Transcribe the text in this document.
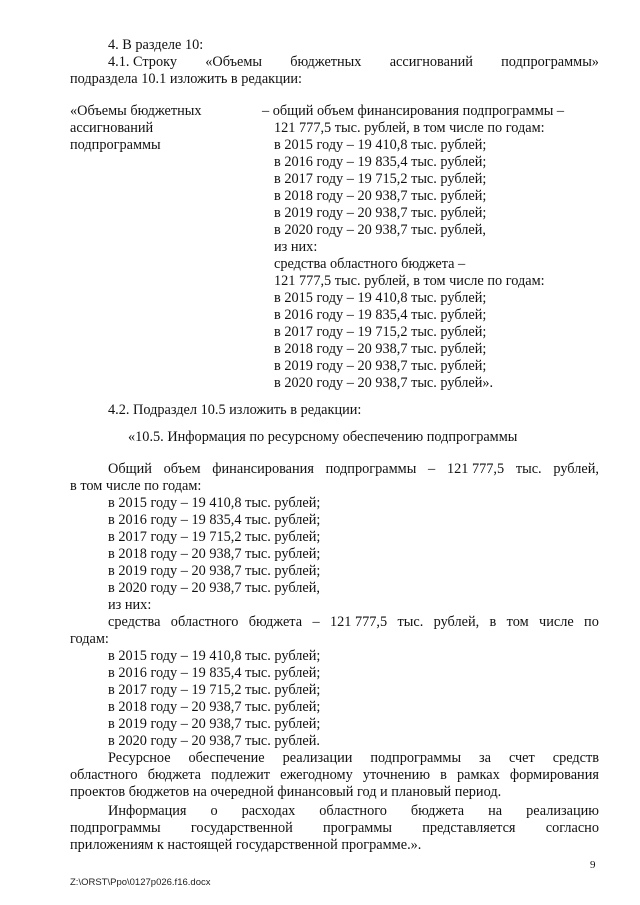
4. В разделе 10:
4.1. Строку «Объемы бюджетных ассигнований подпрограммы»
подраздела 10.1 изложить в редакции:
«Объемы бюджетных
ассигнований
подпрограммы
– общий объем финансирования подпрограммы –
121 777,5 тыс. рублей, в том числе по годам:
в 2015 году – 19 410,8 тыс. рублей;
в 2016 году – 19 835,4 тыс. рублей;
в 2017 году – 19 715,2 тыс. рублей;
в 2018 году – 20 938,7 тыс. рублей;
в 2019 году – 20 938,7 тыс. рублей;
в 2020 году – 20 938,7 тыс. рублей,
из них:
средства областного бюджета –
121 777,5 тыс. рублей, в том числе по годам:
в 2015 году – 19 410,8 тыс. рублей;
в 2016 году – 19 835,4 тыс. рублей;
в 2017 году – 19 715,2 тыс. рублей;
в 2018 году – 20 938,7 тыс. рублей;
в 2019 году – 20 938,7 тыс. рублей;
в 2020 году – 20 938,7 тыс. рублей».
4.2. Подраздел 10.5 изложить в редакции:
«10.5. Информация по ресурсному обеспечению подпрограммы
Общий объем финансирования подпрограммы – 121 777,5 тыс. рублей,
в том числе по годам:
в 2015 году – 19 410,8 тыс. рублей;
в 2016 году – 19 835,4 тыс. рублей;
в 2017 году – 19 715,2 тыс. рублей;
в 2018 году – 20 938,7 тыс. рублей;
в 2019 году – 20 938,7 тыс. рублей;
в 2020 году – 20 938,7 тыс. рублей,
из них:
средства областного бюджета – 121 777,5 тыс. рублей, в том числе по
годам:
в 2015 году – 19 410,8 тыс. рублей;
в 2016 году – 19 835,4 тыс. рублей;
в 2017 году – 19 715,2 тыс. рублей;
в 2018 году – 20 938,7 тыс. рублей;
в 2019 году – 20 938,7 тыс. рублей;
в 2020 году – 20 938,7 тыс. рублей.
Ресурсное обеспечение реализации подпрограммы за счет средств
областного бюджета подлежит ежегодному уточнению в рамках формирования
проектов бюджетов на очередной финансовый год и плановый период.
Информация о расходах областного бюджета на реализацию
подпрограммы государственной программы представляется согласно
приложениям к настоящей государственной программе.».
9
Z:\ORST\Ppo\0127p026.f16.docx
